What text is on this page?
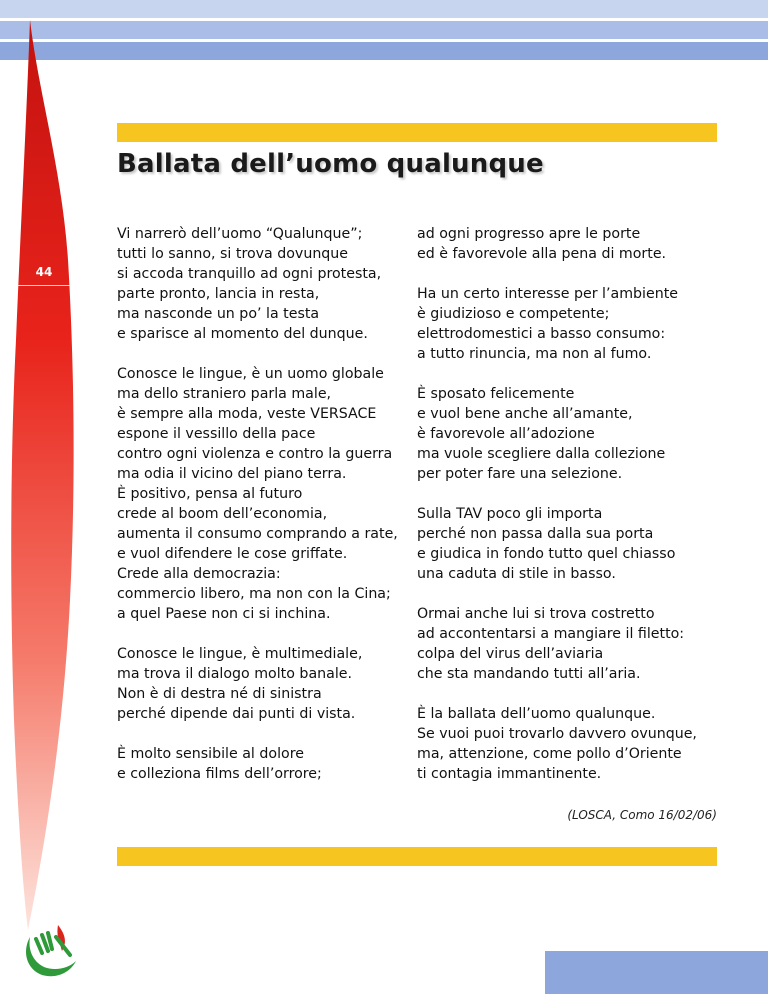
44
Ballata dell’uomo qualunque

Vi narrerò dell’uomo “Qualunque”;
tutti lo sanno, si trova dovunque
si accoda tranquillo ad ogni protesta,
parte pronto, lancia in resta,
ma nasconde un po’ la testa
e sparisce al momento del dunque.

Conosce le lingue, è un uomo globale
ma dello straniero parla male,
è sempre alla moda, veste VERSACE
espone il vessillo della pace
contro ogni violenza e contro la guerra
ma odia il vicino del piano terra.
È positivo, pensa al futuro
crede al boom dell’economia,
aumenta il consumo comprando a rate,
e vuol difendere le cose griffate.
Crede alla democrazia:
commercio libero, ma non con la Cina;
a quel Paese non ci si inchina.

Conosce le lingue, è multimediale,
ma trova il dialogo molto banale.
Non è di destra né di sinistra
perché dipende dai punti di vista.

È molto sensibile al dolore
e colleziona films dell’orrore;

ad ogni progresso apre le porte
ed è favorevole alla pena di morte.

Ha un certo interesse per l’ambiente
è giudizioso e competente;
elettrodomestici a basso consumo:
a tutto rinuncia, ma non al fumo.

È sposato felicemente
e vuol bene anche all’amante,
è favorevole all’adozione
ma vuole scegliere dalla collezione
per poter fare una selezione.

Sulla TAV poco gli importa
perché non passa dalla sua porta
e giudica in fondo tutto quel chiasso
una caduta di stile in basso.

Ormai anche lui si trova costretto
ad accontentarsi a mangiare il filetto:
colpa del virus dell’aviaria
che sta mandando tutti all’aria.

È la ballata dell’uomo qualunque.
Se vuoi puoi trovarlo davvero ovunque,
ma, attenzione, come pollo d’Oriente
ti contagia immantinente.

(LOSCA, Como 16/02/06)
